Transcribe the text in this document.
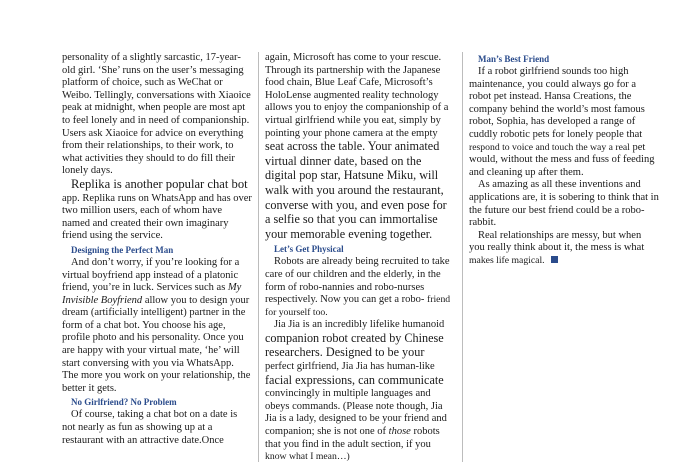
personality of a slightly sarcastic, 17-year-old girl. ‘She’ runs on the user’s messaging platform of choice, such as WeChat or Weibo. Tellingly, conversations with Xiaoice peak at midnight, when people are most apt to feel lonely and in need of companionship. Users ask Xiaoice for advice on everything from their relationships, to their work, to what activities they should to do fill their lonely days.

Replika is another popular chat bot app. Replika runs on WhatsApp and has over two million users, each of whom have named and created their own imaginary friend using the service.

Designing the Perfect Man

And don’t worry, if you’re looking for a virtual boyfriend app instead of a platonic friend, you’re in luck. Services such as My Invisible Boyfriend allow you to design your dream (artificially intelligent) partner in the form of a chat bot. You choose his age, profile photo and his personality. Once you are happy with your virtual mate, ‘he’ will start conversing with you via WhatsApp. The more you work on your relationship, the better it gets.

No Girlfriend? No Problem

Of course, taking a chat bot on a date is not nearly as fun as showing up at a restaurant with an attractive date.Once

again, Microsoft has come to your rescue. Through its partnership with the Japanese food chain, Blue Leaf Cafe, Microsoft’s HoloLense augmented reality technology allows you to enjoy the companionship of a virtual girlfriend while you eat, simply by pointing your phone camera at the empty seat across the table. Your animated virtual dinner date, based on the digital pop star, Hatsune Miku, will walk with you around the restaurant, converse with you, and even pose for a selfie so that you can immortalise your memorable evening together.

Let’s Get Physical

Robots are already being recruited to take care of our children and the elderly, in the form of robo-nannies and robo-nurses respectively. Now you can get a robo- friend for yourself too.

Jia Jia is an incredibly lifelike humanoid companion robot created by Chinese researchers. Designed to be your perfect girlfriend, Jia Jia has human-like facial expressions, can communicate convincingly in multiple languages and obeys commands. (Please note though, Jia Jia is a lady, designed to be your friend and companion; she is not one of those robots that you find in the adult section, if you know what I mean…)

Man’s Best Friend

If a robot girlfriend sounds too high maintenance, you could always go for a robot pet instead. Hansa Creations, the company behind the world’s most famous robot, Sophia, has developed a range of cuddly robotic pets for lonely people that respond to voice and touch the way a real pet would, without the mess and fuss of feeding and cleaning up after them.

As amazing as all these inventions and applications are, it is sobering to think that in the future our best friend could be a robo-rabbit.

Real relationships are messy, but when you really think about it, the mess is what makes life magical.
